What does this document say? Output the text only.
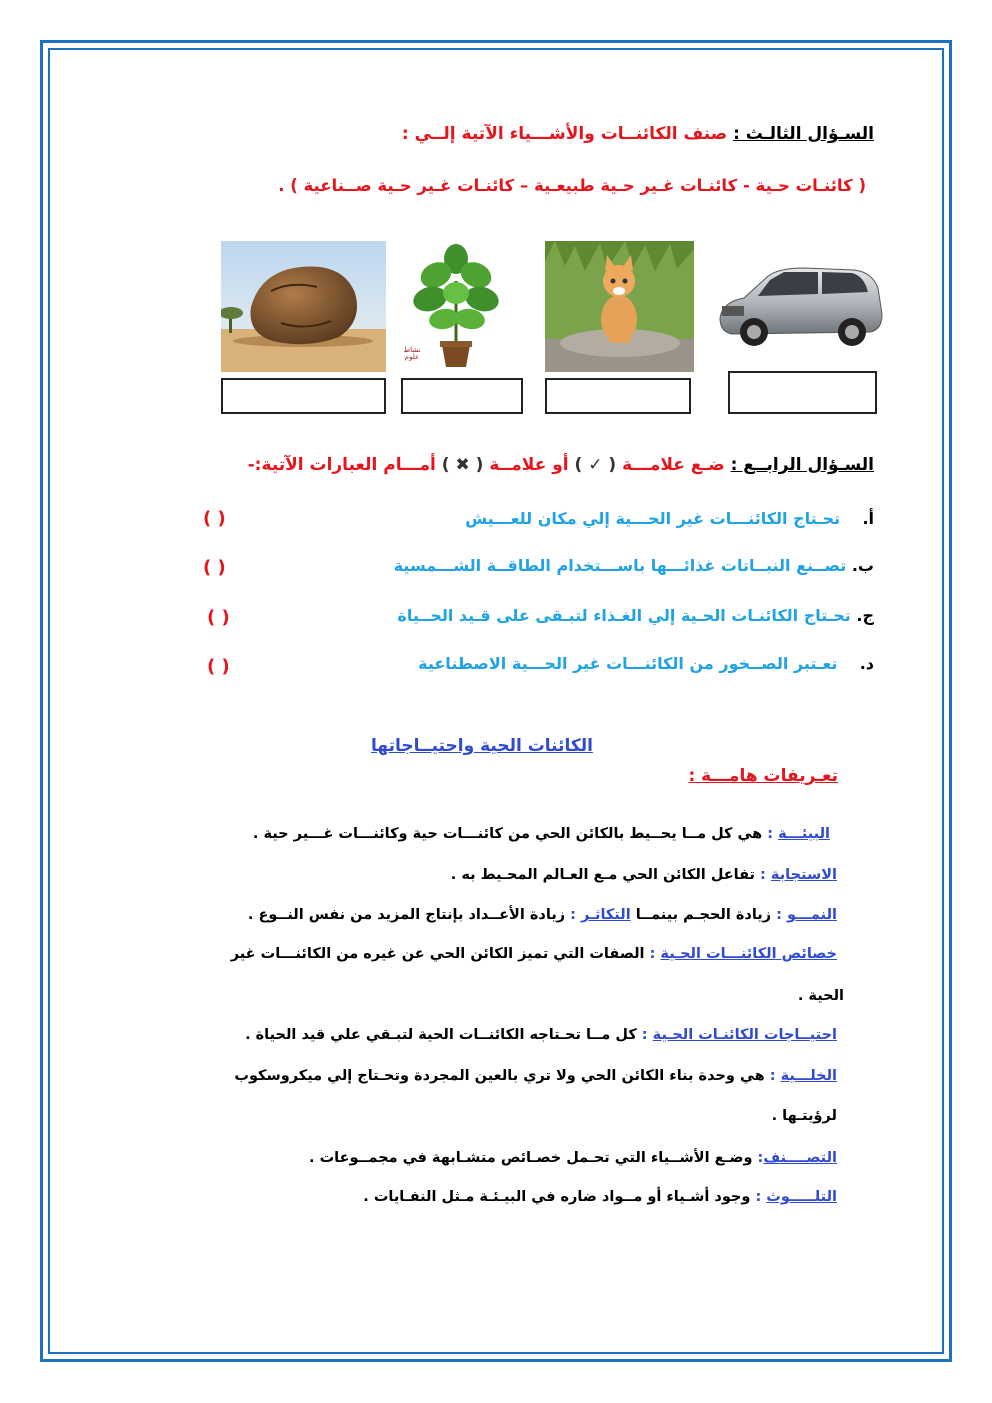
السـؤال الثالـث : صنف الكائنــات والأشـــياء الآتية إلــي :
( كائنـات حـية - كائنـات غـير حـية طبيعـية – كائنـات غـير حـية صــناعية ) .
نشاط علوم
السـؤال الرابــع : ضـع علامـــة ( ✓ ) أو علامــة ( ✖ ) أمـــام العبارات الآتية:-
أ.    تحـتاج الكائنـــات غير الحـــية إلي مكان للعـــيش
( )
ب. تصــنع النبــاتات غذائـــها باســـتخدام الطاقــة الشـــمسية
( )
ج. تحـتاج الكائنـات الحـية إلي الغـذاء لتبـقى على قـيد الحــياة
( )
د.    تعـتبر الصــخور من الكائنـــات غير الحـــية الاصطناعية
( )
الكائنات الحية واحتيــاجاتها
تعـريفات هامـــة :
البيئـــة : هي كل مــا يحــيط بالكائن الحي من كائنـــات حية وكائنـــات غـــير حية .
الاستجابة : تفاعل الكائن الحي مـع العـالم المحـيط به .
النمـــو : زيادة الحجـم بينمــا التكاثـر : زيادة الأعــداد بإنتاج المزيد من نفس النــوع .
خصائص الكائنـــات الحـية : الصفات التي تميز الكائن الحي عن غيره من الكائنـــات غير
الحية .
احتيــاجات الكائنـات الحـية : كل مــا تحـتاجه الكائنــات الحية لتبـقي علي قيد الحياة .
الخلـــية : هي وحدة بناء الكائن الحي ولا تري بالعين المجردة وتحـتاج إلي ميكروسكوب
لرؤيتـها .
التصــــنف: وضـع الأشــياء التي تحـمل خصـائص متشـابهة في مجمــوعات .
التلـــــوث : وجود أشـياء أو مــواد ضاره في البيـئـة مـثل النفـايات .
